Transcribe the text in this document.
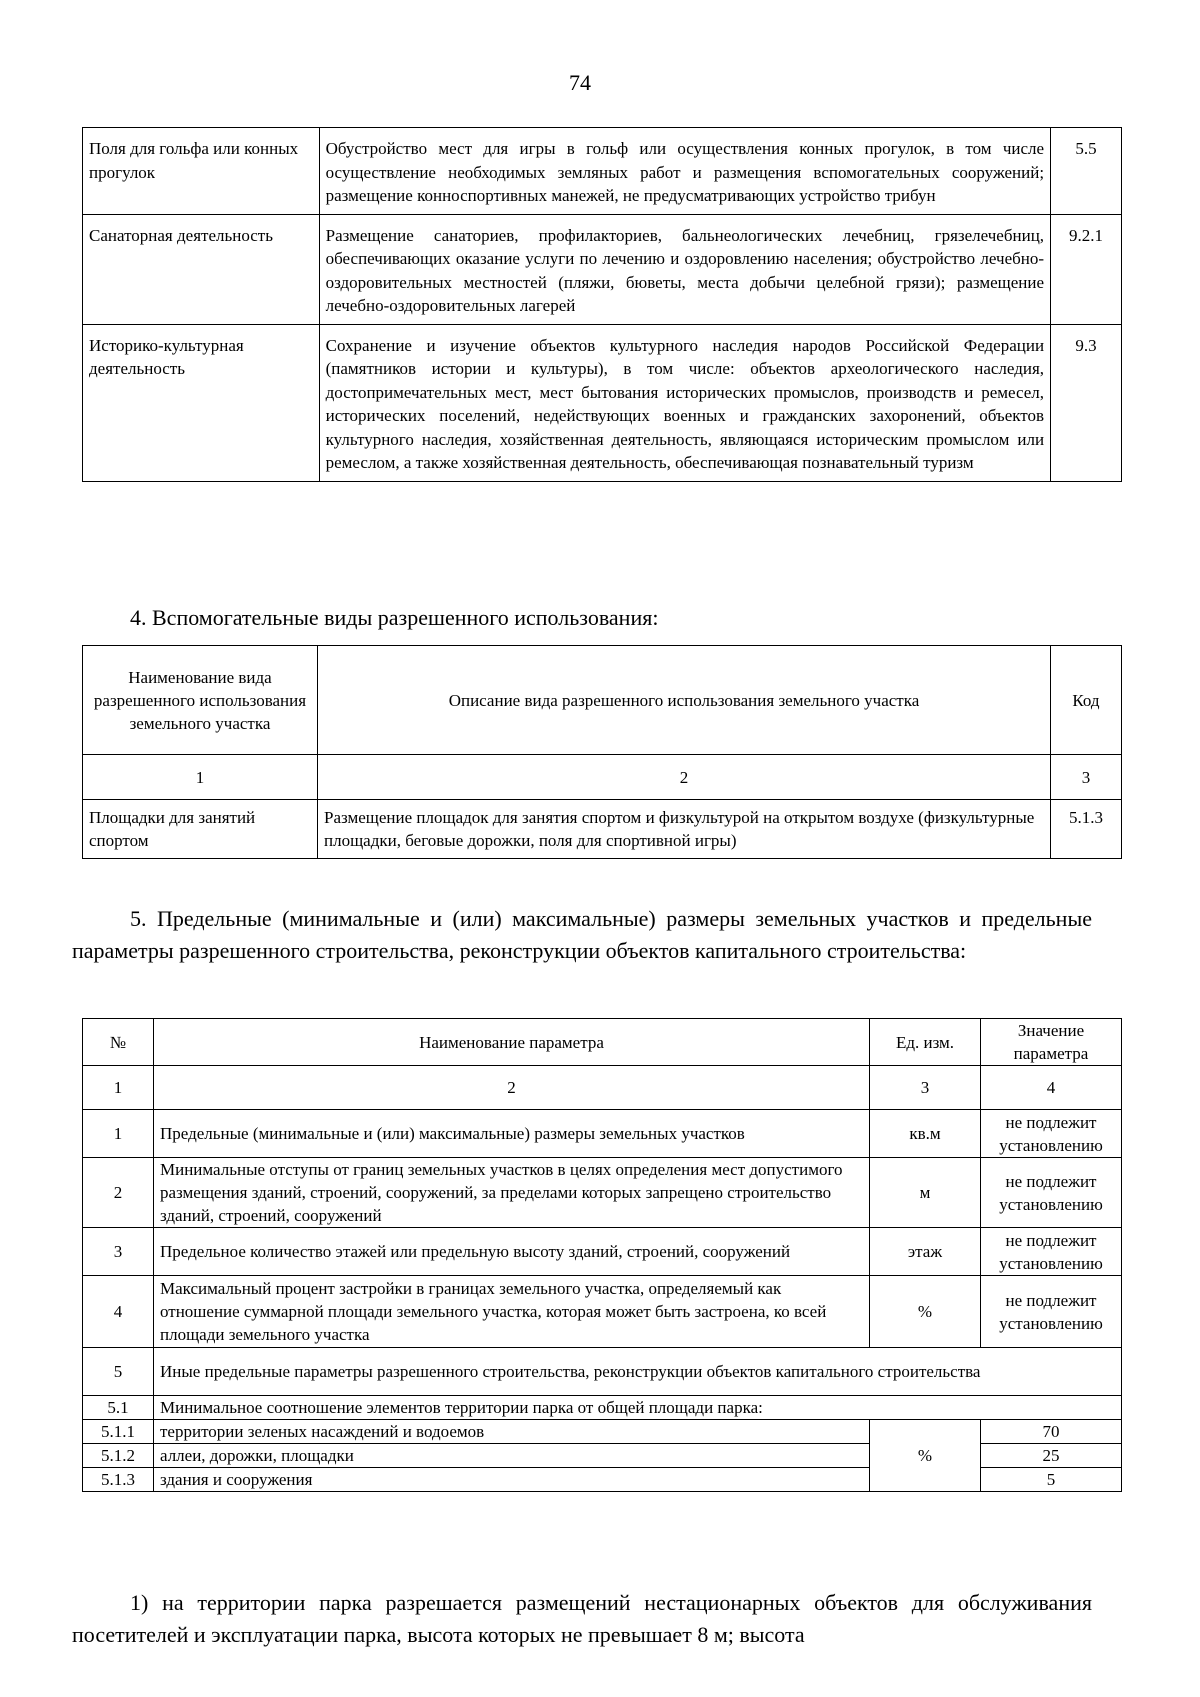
74
Поля для гольфа или конных прогулок	Обустройство мест для игры в гольф или осуществления конных прогулок, в том числе осуществление необходимых земляных работ и размещения вспомогательных сооружений; размещение конноспортивных манежей, не предусматривающих устройство трибун	5.5
Санаторная деятельность	Размещение санаториев, профилакториев, бальнеологических лечебниц, грязелечебниц, обеспечивающих оказание услуги по лечению и оздоровлению населения; обустройство лечебно-оздоровительных местностей (пляжи, бюветы, места добычи целебной грязи); размещение лечебно-оздоровительных лагерей	9.2.1
Историко-культурная деятельность	Сохранение и изучение объектов культурного наследия народов Российской Федерации (памятников истории и культуры), в том числе: объектов археологического наследия, достопримечательных мест, мест бытования исторических промыслов, производств и ремесел, исторических поселений, недействующих военных и гражданских захоронений, объектов культурного наследия, хозяйственная деятельность, являющаяся историческим промыслом или ремеслом, а также хозяйственная деятельность, обеспечивающая познавательный туризм	9.3
4. Вспомогательные виды разрешенного использования:
Наименование вида разрешенного использования земельного участка	Описание вида разрешенного использования земельного участка	Код
1	2	3
Площадки для занятий спортом	Размещение площадок для занятия спортом и физкультурой на открытом воздухе (физкультурные площадки, беговые дорожки, поля для спортивной игры)	5.1.3
5. Предельные (минимальные и (или) максимальные) размеры земельных участков и предельные параметры разрешенного строительства, реконструкции объектов капитального строительства:
№	Наименование параметра	Ед. изм.	Значение параметра
1	2	3	4
1	Предельные (минимальные и (или) максимальные) размеры земельных участков	кв.м	не подлежит установлению
2	Минимальные отступы от границ земельных участков в целях определения мест допустимого размещения зданий, строений, сооружений, за пределами которых запрещено строительство зданий, строений, сооружений	м	не подлежит установлению
3	Предельное количество этажей или предельную высоту зданий, строений, сооружений	этаж	не подлежит установлению
4	Максимальный процент застройки в границах земельного участка, определяемый как отношение суммарной площади земельного участка, которая может быть застроена, ко всей площади земельного участка	%	не подлежит установлению
5	Иные предельные параметры разрешенного строительства, реконструкции объектов капитального строительства		
5.1	Минимальное соотношение элементов территории парка от общей площади парка:		
5.1.1	территории зеленых насаждений и водоемов	%	70
5.1.2	аллеи, дорожки, площадки		25
5.1.3	здания и сооружения		5
1) на территории парка разрешается размещений нестационарных объектов для обслуживания посетителей и эксплуатации парка, высота которых не превышает 8 м; высота
